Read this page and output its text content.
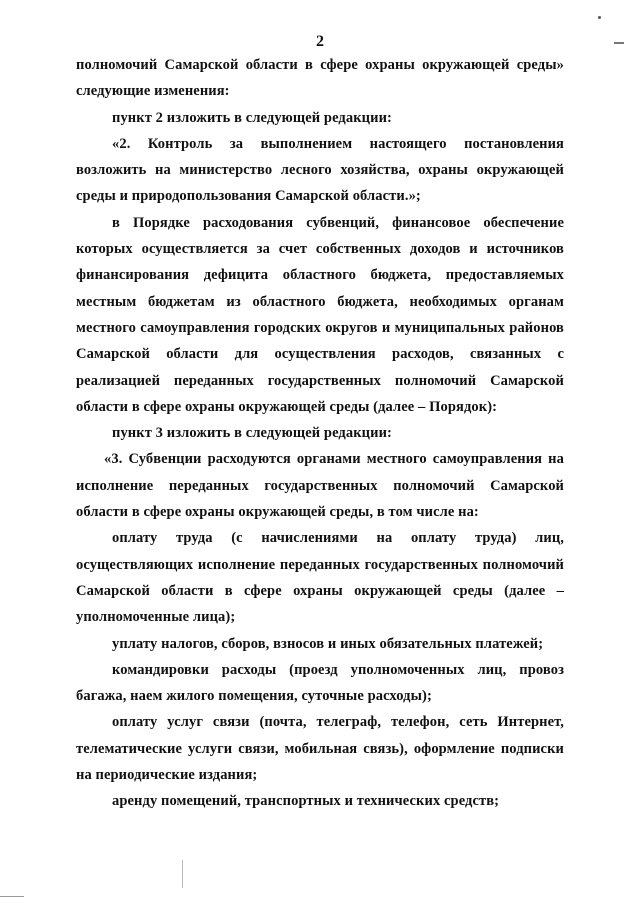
2

полномочий Самарской области в сфере охраны окружающей среды» следующие изменения:

пункт 2 изложить в следующей редакции:

«2. Контроль за выполнением настоящего постановления возложить на министерство лесного хозяйства, охраны окружающей среды и природопользования Самарской области.»;

в Порядке расходования субвенций, финансовое обеспечение которых осуществляется за счет собственных доходов и источников финансирования дефицита областного бюджета, предоставляемых местным бюджетам из областного бюджета, необходимых органам местного самоуправления городских округов и муниципальных районов Самарской области для осуществления расходов, связанных с реализацией переданных государственных полномочий Самарской области в сфере охраны окружающей среды (далее – Порядок):

пункт 3 изложить в следующей редакции:

«3. Субвенции расходуются органами местного самоуправления на исполнение переданных государственных полномочий Самарской области в сфере охраны окружающей среды, в том числе на:

оплату труда (с начислениями на оплату труда) лиц, осуществляющих исполнение переданных государственных полномочий Самарской области в сфере охраны окружающей среды (далее – уполномоченные лица);

уплату налогов, сборов, взносов и иных обязательных платежей;

командировки расходы (проезд уполномоченных лиц, провоз багажа, наем жилого помещения, суточные расходы);

оплату услуг связи (почта, телеграф, телефон, сеть Интернет, телематические услуги связи, мобильная связь), оформление подписки на периодические издания;

аренду помещений, транспортных и технических средств;
